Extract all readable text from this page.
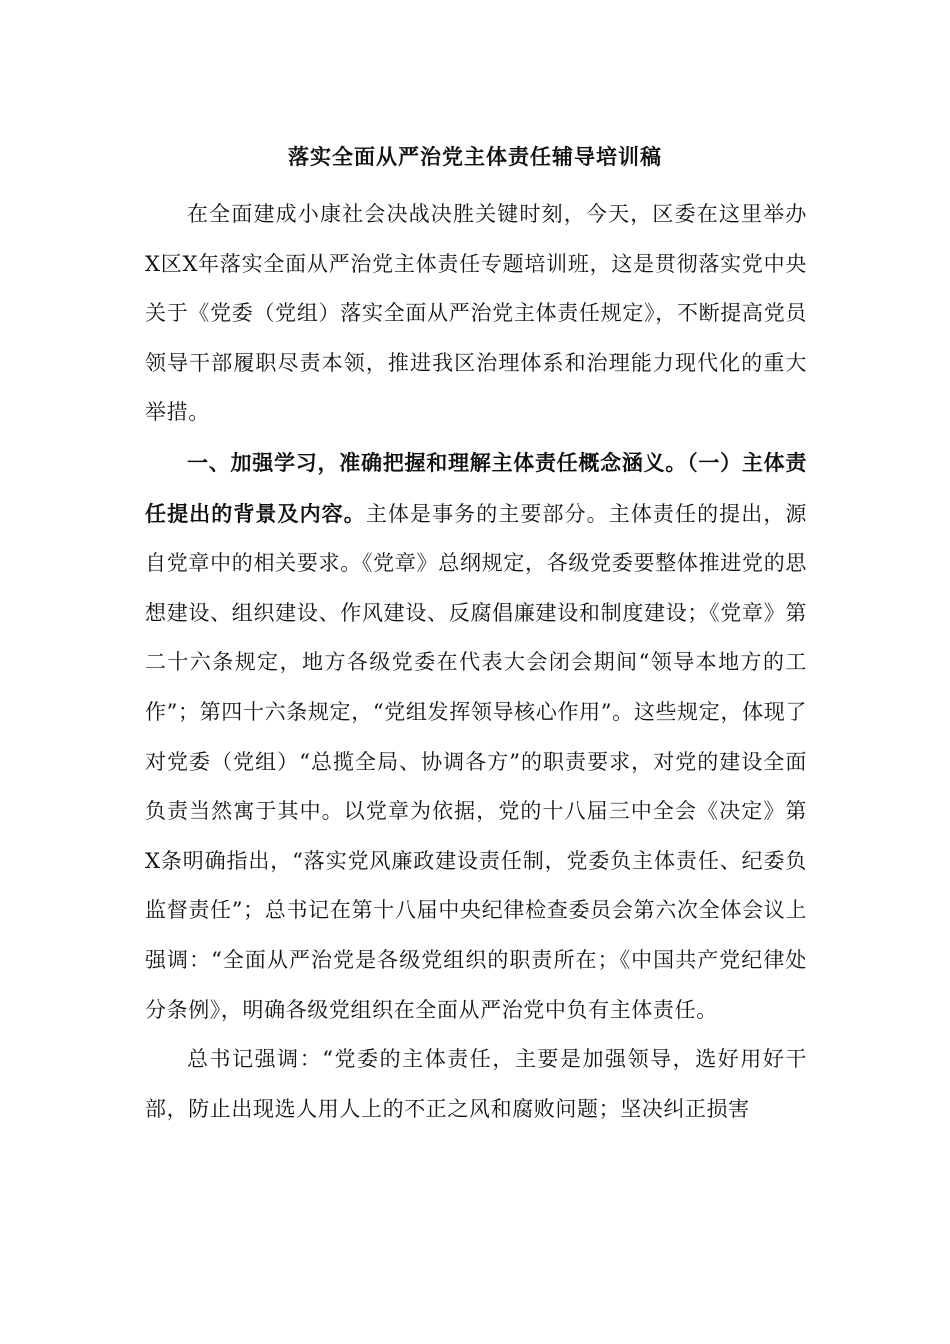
落实全面从严治党主体责任辅导培训稿

在全面建成小康社会决战决胜关键时刻，今天，区委在这里举办X区X年落实全面从严治党主体责任专题培训班，这是贯彻落实党中央关于《党委（党组）落实全面从严治党主体责任规定》，不断提高党员领导干部履职尽责本领，推进我区治理体系和治理能力现代化的重大举措。

一、加强学习，准确把握和理解主体责任概念涵义。（一）主体责任提出的背景及内容。主体是事务的主要部分。主体责任的提出，源自党章中的相关要求。《党章》总纲规定，各级党委要整体推进党的思想建设、组织建设、作风建设、反腐倡廉建设和制度建设；《党章》第二十六条规定，地方各级党委在代表大会闭会期间“领导本地方的工作”；第四十六条规定，“党组发挥领导核心作用”。这些规定，体现了对党委（党组）“总揽全局、协调各方”的职责要求，对党的建设全面负责当然寓于其中。以党章为依据，党的十八届三中全会《决定》第X条明确指出，“落实党风廉政建设责任制，党委负主体责任、纪委负监督责任”；总书记在第十八届中央纪律检查委员会第六次全体会议上强调：“全面从严治党是各级党组织的职责所在；《中国共产党纪律处分条例》，明确各级党组织在全面从严治党中负有主体责任。

总书记强调：“党委的主体责任，主要是加强领导，选好用好干部，防止出现选人用人上的不正之风和腐败问题；坚决纠正损害
